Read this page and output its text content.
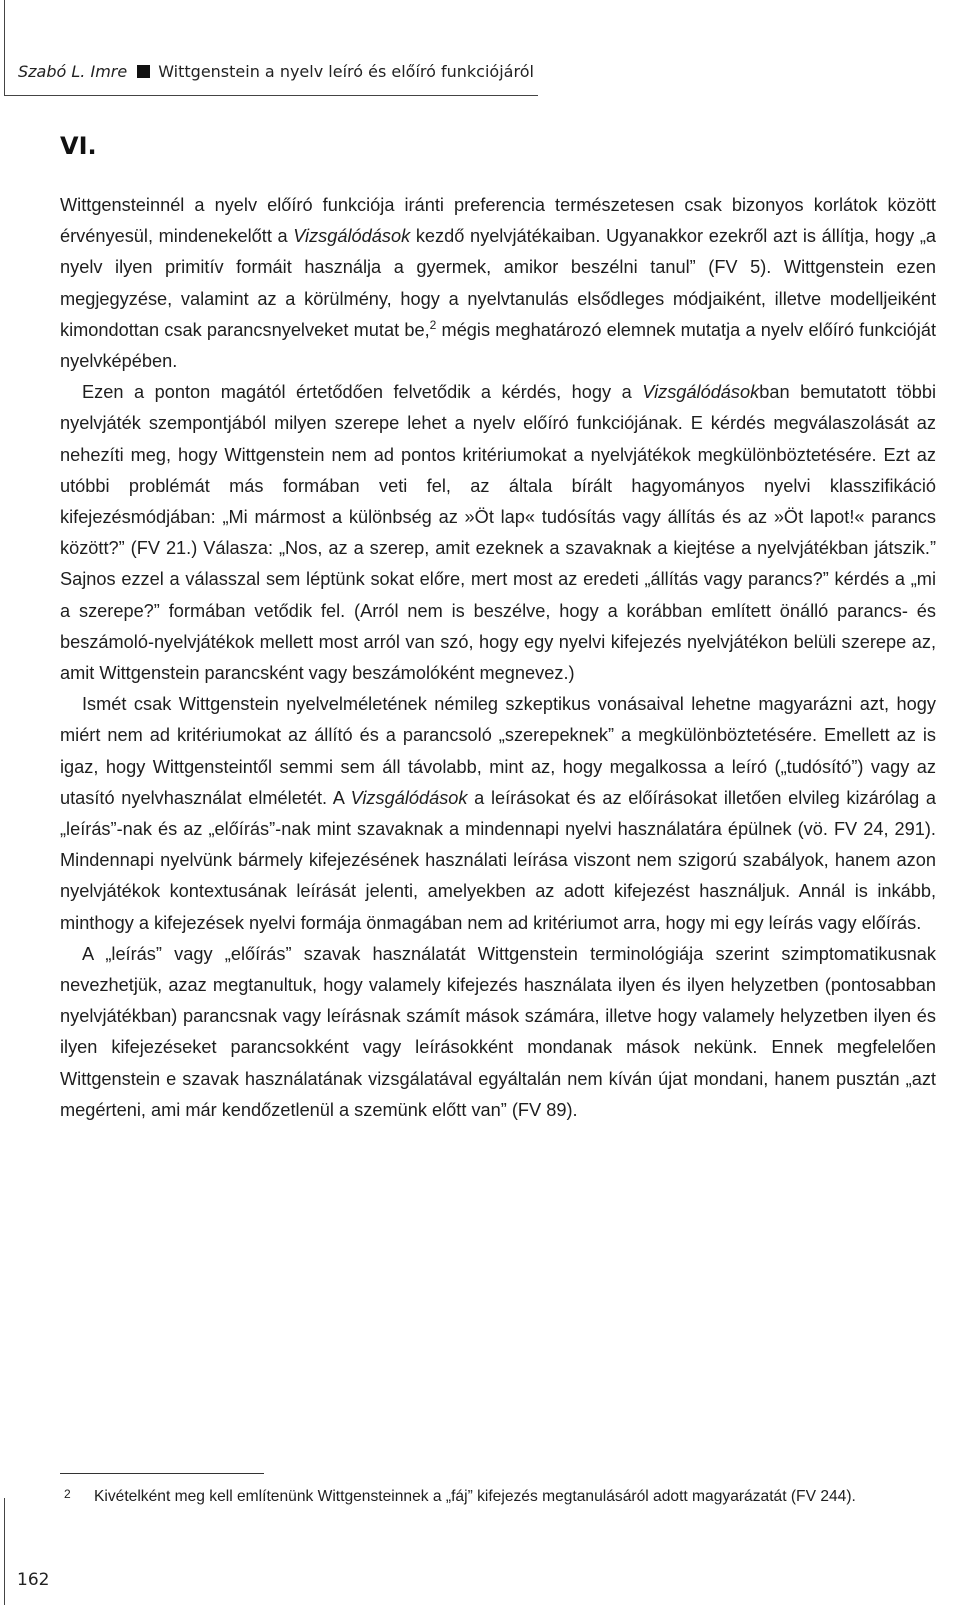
Szabó L. Imre Wittgenstein a nyelv leíró és előíró funkciójáról
VI.

Wittgensteinnél a nyelv előíró funkciója iránti preferencia természetesen csak bizonyos korlátok között érvényesül, mindenekelőtt a Vizsgálódások kezdő nyelvjátékaiban. Ugyanakkor ezekről azt is állítja, hogy „a nyelv ilyen primitív formáit használja a gyermek, amikor beszélni tanul” (FV 5). Wittgenstein ezen megjegyzése, valamint az a körülmény, hogy a nyelvtanulás elsődleges módjaiként, illetve modelljeiként kimondottan csak parancsnyelveket mutat be,$^2$ mégis meghatározó elemnek mutatja a nyelv előíró funkcióját nyelvképében.

Ezen a ponton magától értetődően felvetődik a kérdés, hogy a Vizsgálódásokban bemutatott többi nyelvjáték szempontjából milyen szerepe lehet a nyelv előíró funkciójának. E kérdés megválaszolását az nehezíti meg, hogy Wittgenstein nem ad pontos kritériumokat a nyelvjátékok megkülönböztetésére. Ezt az utóbbi problémát más formában veti fel, az általa bírált hagyományos nyelvi klasszifikáció kifejezésmódjában: „Mi mármost a különbség az »Öt lap« tudósítás vagy állítás és az »Öt lapot!« parancs között?” (FV 21.) Válasza: „Nos, az a szerep, amit ezeknek a szavaknak a kiejtése a nyelvjátékban játszik.” Sajnos ezzel a válasszal sem léptünk sokat előre, mert most az eredeti „állítás vagy parancs?” kérdés a „mi a szerepe?” formában vetődik fel. (Arról nem is beszélve, hogy a korábban említett önálló parancs- és beszámoló-nyelvjátékok mellett most arról van szó, hogy egy nyelvi kifejezés nyelvjátékon belüli szerepe az, amit Wittgenstein parancsként vagy beszámolóként megnevez.)

Ismét csak Wittgenstein nyelvelméletének némileg szkeptikus vonásaival lehetne magyarázni azt, hogy miért nem ad kritériumokat az állító és a parancsoló „szerepeknek” a megkülönböztetésére. Emellett az is igaz, hogy Wittgensteintől semmi sem áll távolabb, mint az, hogy megalkossa a leíró („tudósító”) vagy az utasító nyelvhasználat elméletét. A Vizsgálódások a leírásokat és az előírásokat illetően elvileg kizárólag a „leírás”-nak és az „előírás”-nak mint szavaknak a mindennapi nyelvi használatára épülnek (vö. FV 24, 291). Mindennapi nyelvünk bármely kifejezésének használati leírása viszont nem szigorú szabályok, hanem azon nyelvjátékok kontextusának leírását jelenti, amelyekben az adott kifejezést használjuk. Annál is inkább, minthogy a kifejezések nyelvi formája önmagában nem ad kritériumot arra, hogy mi egy leírás vagy előírás.

A „leírás” vagy „előírás” szavak használatát Wittgenstein terminológiája szerint szimptomatikusnak nevezhetjük, azaz megtanultuk, hogy valamely kifejezés használata ilyen és ilyen helyzetben (pontosabban nyelvjátékban) parancsnak vagy leírásnak számít mások számára, illetve hogy valamely helyzetben ilyen és ilyen kifejezéseket parancsokként vagy leírásokként mondanak mások nekünk. Ennek megfelelően Wittgenstein e szavak használatának vizsgálatával egyáltalán nem kíván újat mondani, hanem pusztán „azt megérteni, ami már kendőzetlenül a szemünk előtt van” (FV 89).

2	Kivételként meg kell említenünk Wittgensteinnek a „fáj” kifejezés megtanulásáról adott magyarázatát (FV 244).
162
